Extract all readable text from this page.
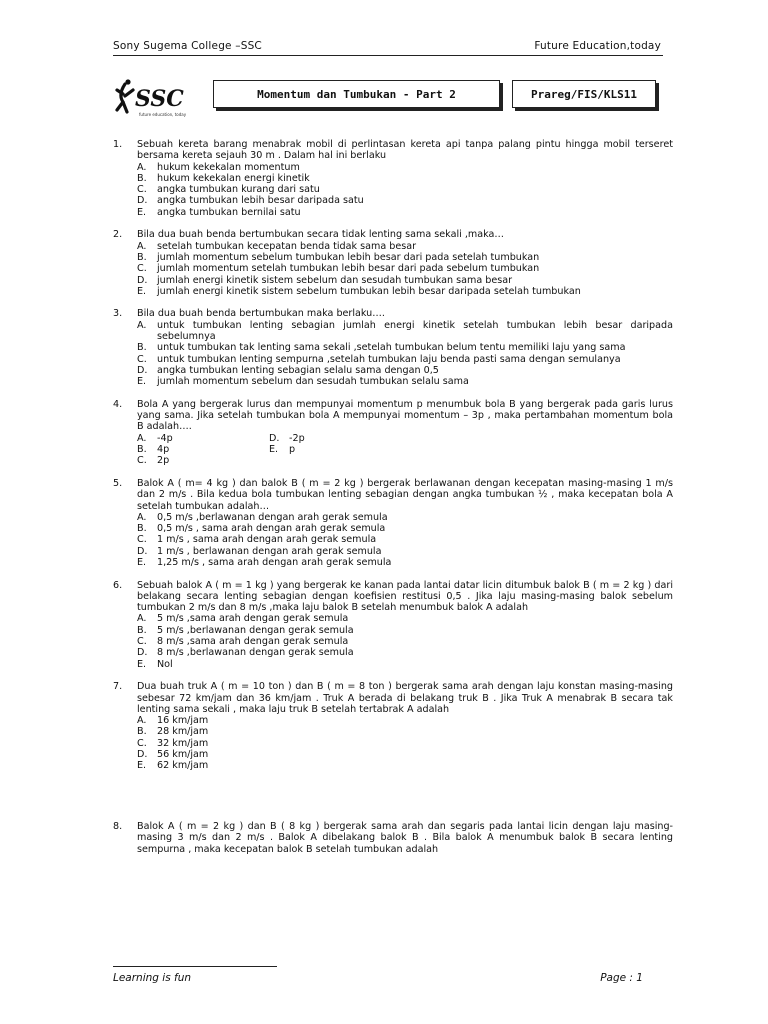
Sony Sugema College –SSC	Future Education,today
SSC
future education, today
Momentum dan Tumbukan - Part 2	Prareg/FIS/KLS11
1. Sebuah kereta barang menabrak mobil di perlintasan kereta api tanpa palang pintu hingga mobil terseret bersama kereta sejauh 30 m . Dalam hal ini berlaku

A. hukum kekekalan momentum
B. hukum kekekalan energi kinetik
C. angka tumbukan kurang dari satu
D. angka tumbukan lebih besar daripada satu
E. angka tumbukan bernilai satu
2. Bila dua buah benda bertumbukan secara tidak lenting sama sekali ,maka…

A. setelah tumbukan kecepatan benda tidak sama besar
B. jumlah momentum sebelum tumbukan lebih besar dari pada setelah tumbukan
C. jumlah momentum setelah tumbukan lebih besar dari pada sebelum tumbukan
D. jumlah energi kinetik sistem sebelum dan sesudah tumbukan sama besar
E. jumlah energi kinetik sistem sebelum tumbukan lebih besar daripada setelah tumbukan
3. Bila dua buah benda bertumbukan maka berlaku….

A. untuk tumbukan lenting sebagian jumlah energi kinetik setelah tumbukan lebih besar daripada sebelumnya
B. untuk tumbukan tak lenting sama sekali ,setelah tumbukan belum tentu memiliki laju yang sama
C. untuk tumbukan lenting sempurna ,setelah tumbukan laju benda pasti sama dengan semulanya
D. angka tumbukan lenting sebagian selalu sama dengan 0,5
E. jumlah momentum sebelum dan sesudah tumbukan selalu sama
4. Bola A yang bergerak lurus dan mempunyai momentum p menumbuk bola B yang bergerak pada garis lurus yang sama. Jika setelah tumbukan bola A mempunyai momentum – 3p , maka pertambahan momentum bola B adalah….

A. -4p	D. -2p
B. 4p	E. p
C. 2p
5. Balok A ( m= 4 kg ) dan balok B ( m = 2 kg ) bergerak berlawanan dengan kecepatan masing-masing 1 m/s dan 2 m/s . Bila kedua bola tumbukan lenting sebagian dengan angka tumbukan ½ , maka kecepatan bola A setelah tumbukan adalah…

A. 0,5 m/s ,berlawanan dengan arah gerak semula
B. 0,5 m/s , sama arah dengan arah gerak semula
C. 1 m/s , sama arah dengan arah gerak semula
D. 1 m/s , berlawanan dengan arah gerak semula
E. 1,25 m/s , sama arah dengan arah gerak semula
6. Sebuah balok A ( m = 1 kg ) yang bergerak ke kanan pada lantai datar licin ditumbuk balok B ( m = 2 kg ) dari belakang secara lenting sebagian dengan koefisien restitusi 0,5 . Jika laju masing-masing balok sebelum tumbukan 2 m/s dan 8 m/s ,maka laju balok B setelah menumbuk balok A adalah

A. 5 m/s ,sama arah dengan gerak semula
B. 5 m/s ,berlawanan dengan gerak semula
C. 8 m/s ,sama arah dengan gerak semula
D. 8 m/s ,berlawanan dengan gerak semula
E. Nol
7. Dua buah truk A ( m = 10 ton ) dan B ( m = 8 ton ) bergerak sama arah dengan laju konstan masing-masing sebesar 72 km/jam dan 36 km/jam . Truk A berada di belakang truk B . Jika Truk A menabrak B secara tak lenting sama sekali , maka laju truk B setelah tertabrak A adalah

A. 16 km/jam
B. 28 km/jam
C. 32 km/jam
D. 56 km/jam
E. 62 km/jam
8. Balok A ( m = 2 kg ) dan B ( 8 kg ) bergerak sama arah dan segaris pada lantai licin dengan laju masing-masing 3 m/s dan 2 m/s . Balok A dibelakang balok B . Bila balok A menumbuk balok B secara lenting sempurna , maka kecepatan balok B setelah tumbukan adalah

Learning is fun	Page : 1
